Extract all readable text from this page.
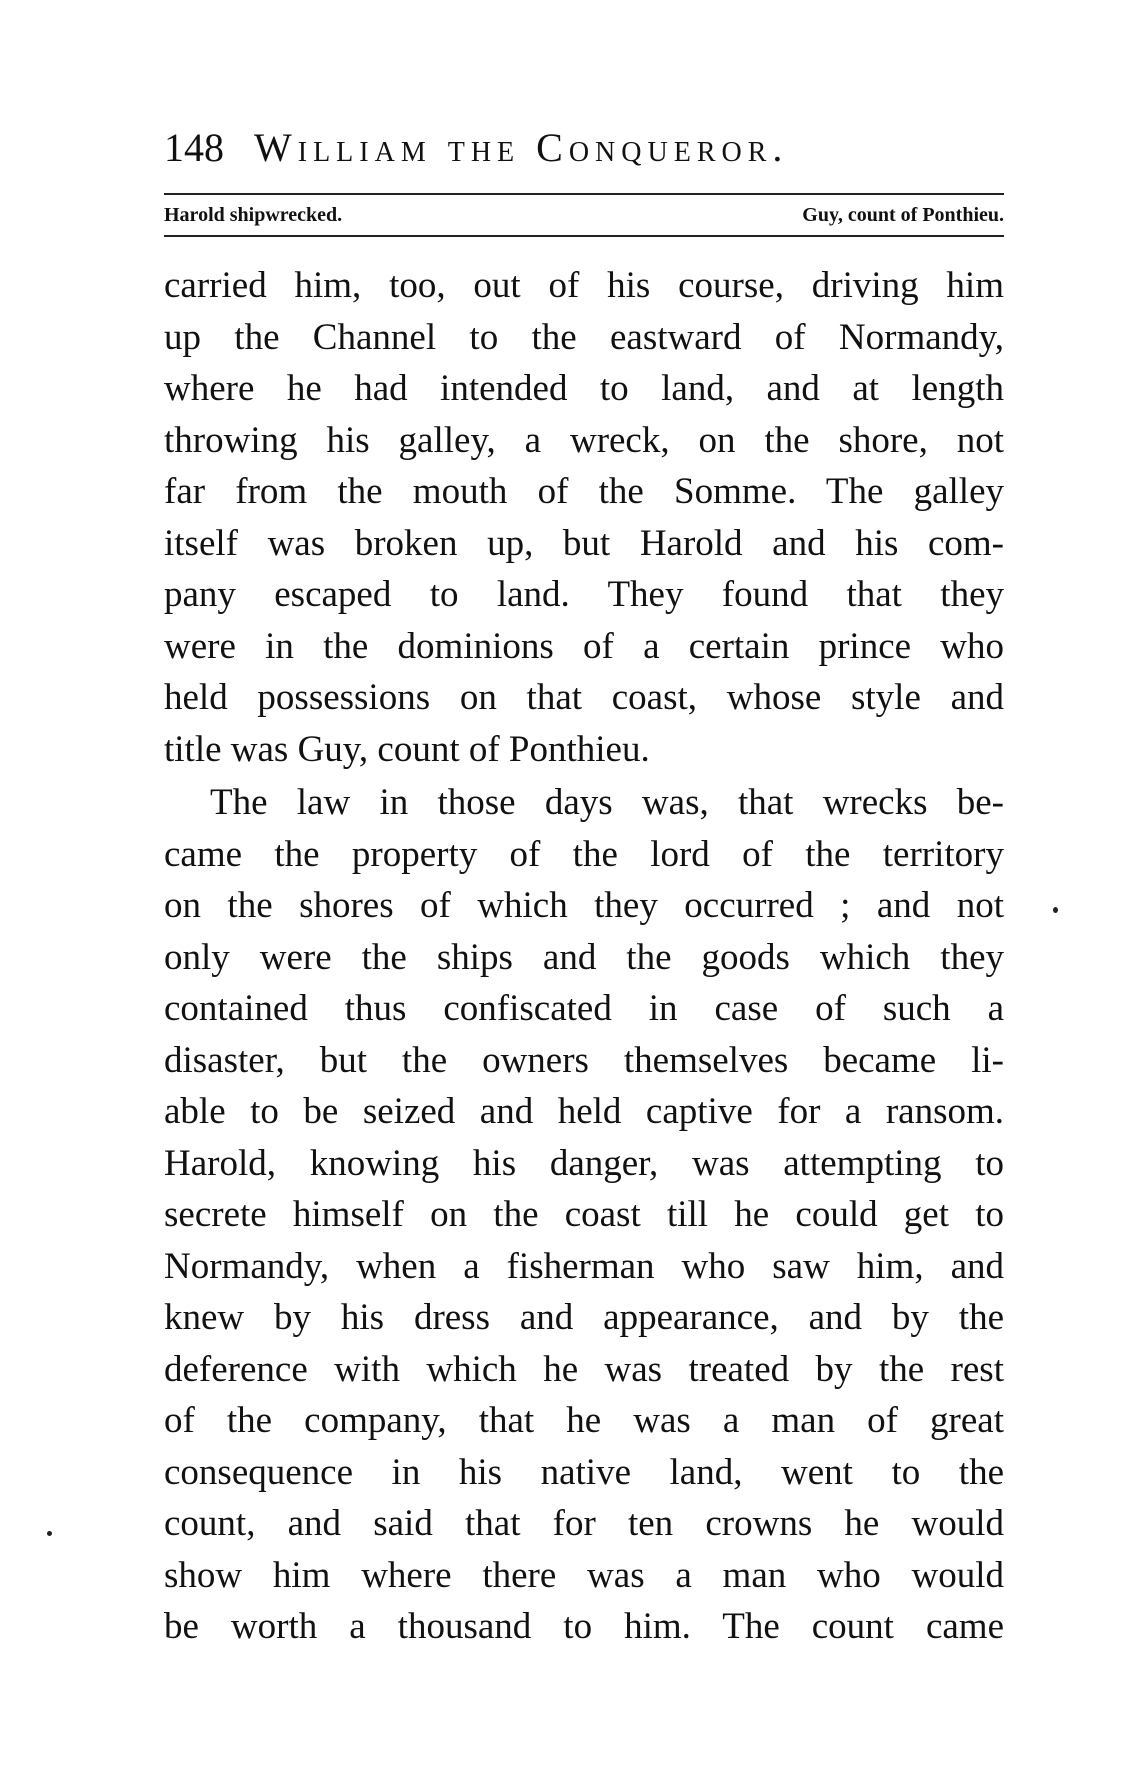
148 William the Conqueror.
Harold shipwrecked.	Guy, count of Ponthieu.
carried him, too, out of his course, driving him
up the Channel to the eastward of Normandy,
where he had intended to land, and at length
throwing his galley, a wreck, on the shore, not
far from the mouth of the Somme. The galley
itself was broken up, but Harold and his com-
pany escaped to land. They found that they
were in the dominions of a certain prince who
held possessions on that coast, whose style and
title was Guy, count of Ponthieu.
The law in those days was, that wrecks be-
came the property of the lord of the territory
on the shores of which they occurred ; and not
only were the ships and the goods which they
contained thus confiscated in case of such a
disaster, but the owners themselves became li-
able to be seized and held captive for a ransom.
Harold, knowing his danger, was attempting to
secrete himself on the coast till he could get to
Normandy, when a fisherman who saw him, and
knew by his dress and appearance, and by the
deference with which he was treated by the rest
of the company, that he was a man of great
consequence in his native land, went to the
count, and said that for ten crowns he would
show him where there was a man who would
be worth a thousand to him. The count came
